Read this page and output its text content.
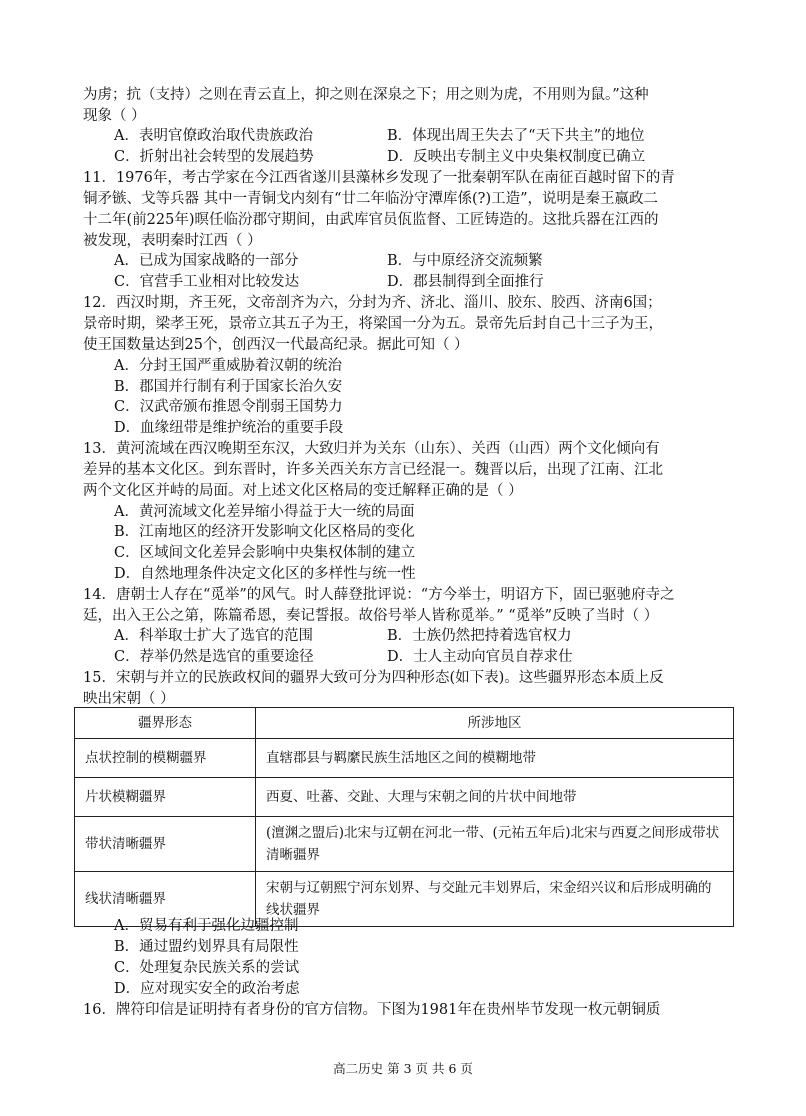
为虏；抗（支持）之则在青云直上，抑之则在深泉之下；用之则为虎，不用则为鼠。”这种
现象（ ）
A．表明官僚政治取代贵族政治	B．体现出周王失去了“天下共主”的地位
C．折射出社会转型的发展趋势	D．反映出专制主义中央集权制度已确立
11．1976年，考古学家在今江西省遂川县藻林乡发现了一批秦朝军队在南征百越时留下的青
铜矛镞、戈等兵器 其中一青铜戈内刻有“廿二年临汾守潭库係(?)工造”，说明是秦王嬴政二
十二年(前225年)暝任临汾郡守期间，由武库官员佤监督、工匠铸造的。这批兵器在江西的
被发现，表明秦时江西（ ）
A．已成为国家战略的一部分	B．与中原经济交流频繁
C．官营手工业相对比较发达	D．郡县制得到全面推行
12．西汉时期，齐王死，文帝剖齐为六，分封为齐、济北、淄川、胶东、胶西、济南6国；
景帝时期，梁孝王死，景帝立其五子为王，将梁国一分为五。景帝先后封自己十三子为王，
使王国数量达到25个，创西汉一代最高纪录。据此可知（ ）
A．分封王国严重威胁着汉朝的统治
B．郡国并行制有利于国家长治久安
C．汉武帝颁布推恩令削弱王国势力
D．血缘纽带是维护统治的重要手段
13．黄河流域在西汉晚期至东汉，大致归并为关东（山东）、关西（山西）两个文化倾向有
差异的基本文化区。到东晋时，许多关西关东方言已经混一。魏晋以后，出现了江南、江北
两个文化区并峙的局面。对上述文化区格局的变迁解释正确的是（ ）
A．黄河流域文化差异缩小得益于大一统的局面
B．江南地区的经济开发影响文化区格局的变化
C．区域间文化差异会影响中央集权体制的建立
D．自然地理条件决定文化区的多样性与统一性
14．唐朝士人存在“觅举”的风气。时人薛登批评说：“方今举士，明诏方下，固已驱驰府寺之
廷，出入王公之第，陈篇希恩，奏记誓报。故俗号举人皆称觅举。” “觅举”反映了当时（ ）
A．科举取士扩大了选官的范围	B．士族仍然把持着选官权力
C．荐举仍然是选官的重要途径	D．士人主动向官员自荐求仕
15．宋朝与并立的民族政权间的疆界大致可分为四种形态(如下表)。这些疆界形态本质上反
映出宋朝（ ）
疆界形态	所涉地区
点状控制的模糊疆界	直辖郡县与羁縻民族生活地区之间的模糊地带
片状模糊疆界	西夏、吐蕃、交趾、大理与宋朝之间的片状中间地带
带状清晰疆界	(澶渊之盟后)北宋与辽朝在河北一带、(元祐五年后)北宋与西夏之间形成带状清晰疆界
线状清晰疆界	宋朝与辽朝熙宁河东划界、与交趾元丰划界后，宋金绍兴议和后形成明确的线状疆界
A．贸易有利于强化边疆控制
B．通过盟约划界具有局限性
C．处理复杂民族关系的尝试
D．应对现实安全的政治考虑
16．牌符印信是证明持有者身份的官方信物。下图为1981年在贵州毕节发现一枚元朝铜质
高二历史 第 3 页 共 6 页
